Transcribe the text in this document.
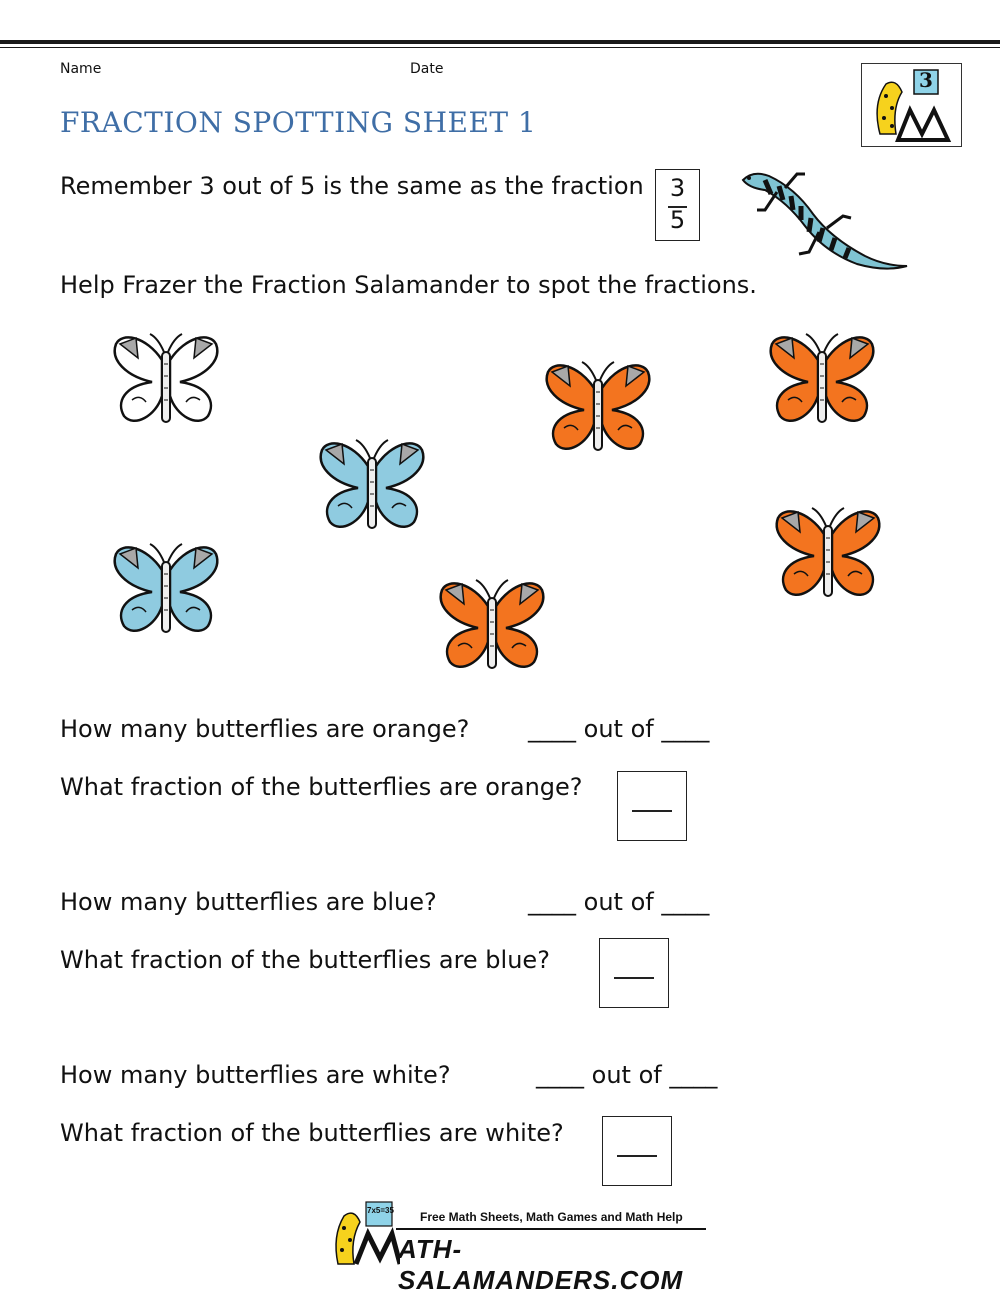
Name	Date	3
FRACTION SPOTTING SHEET 1
Remember 3 out of 5 is the same as the fraction	3
5
Help Frazer the Fraction Salamander to spot the fractions.
How many butterflies are orange? ____ out of ____
What fraction of the butterflies are orange?
How many butterflies are blue?	____ out of ____
What fraction of the butterflies are blue?
How many butterflies are white?	____ out of ____
What fraction of the butterflies are white?
7x5=35 Free Math Sheets, Math Games and Math Help
ATH-SALAMANDERS.COM
